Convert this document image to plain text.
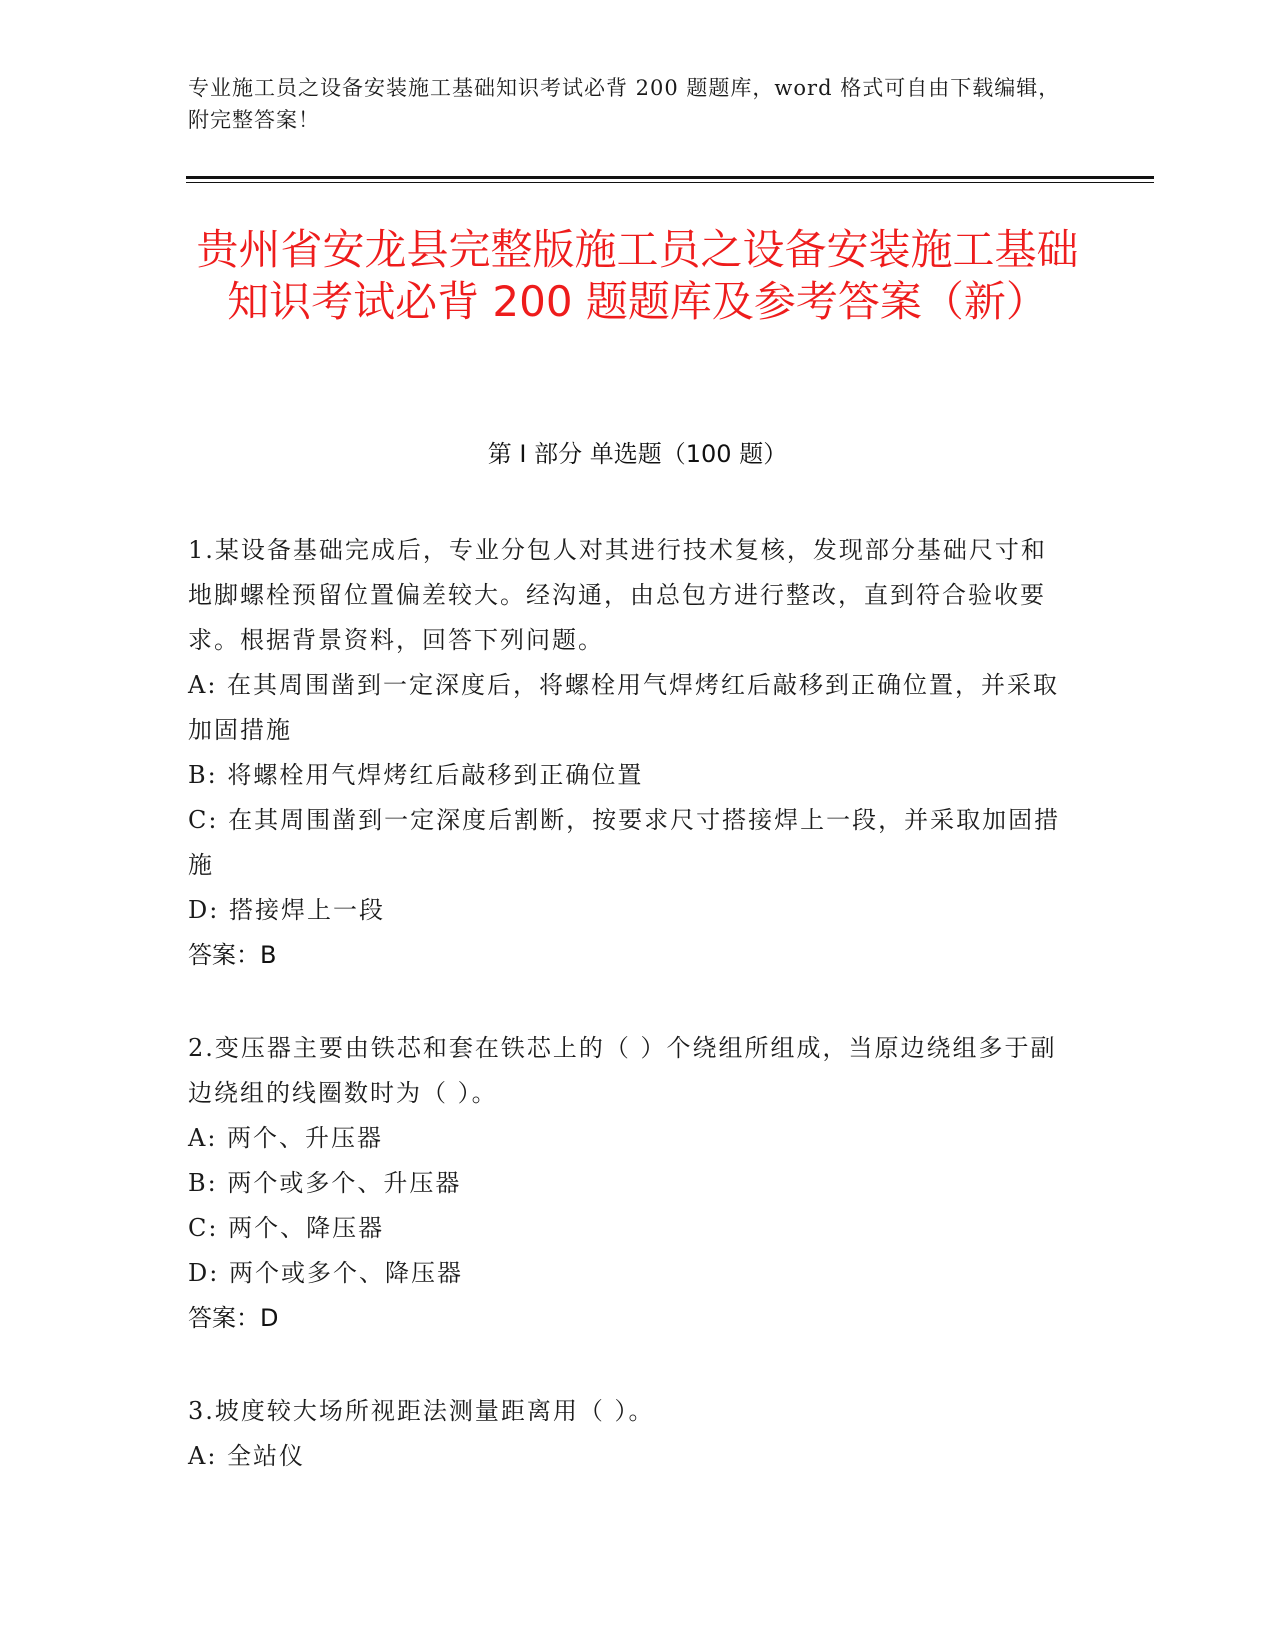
专业施工员之设备安装施工基础知识考试必背 200 题题库，word 格式可自由下载编辑，附完整答案！
贵州省安龙县完整版施工员之设备安装施工基础知识考试必背 200 题题库及参考答案（新）
第 I 部分 单选题（100 题）
1.某设备基础完成后，专业分包人对其进行技术复核，发现部分基础尺寸和地脚螺栓预留位置偏差较大。经沟通，由总包方进行整改，直到符合验收要求。根据背景资料，回答下列问题。
A: 在其周围凿到一定深度后，将螺栓用气焊烤红后敲移到正确位置，并采取加固措施
B: 将螺栓用气焊烤红后敲移到正确位置
C: 在其周围凿到一定深度后割断，按要求尺寸搭接焊上一段，并采取加固措施
D: 搭接焊上一段
答案：B
2.变压器主要由铁芯和套在铁芯上的（ ）个绕组所组成，当原边绕组多于副边绕组的线圈数时为（ ）。
A: 两个、升压器
B: 两个或多个、升压器
C: 两个、降压器
D: 两个或多个、降压器
答案：D
3.坡度较大场所视距法测量距离用（ ）。
A: 全站仪
